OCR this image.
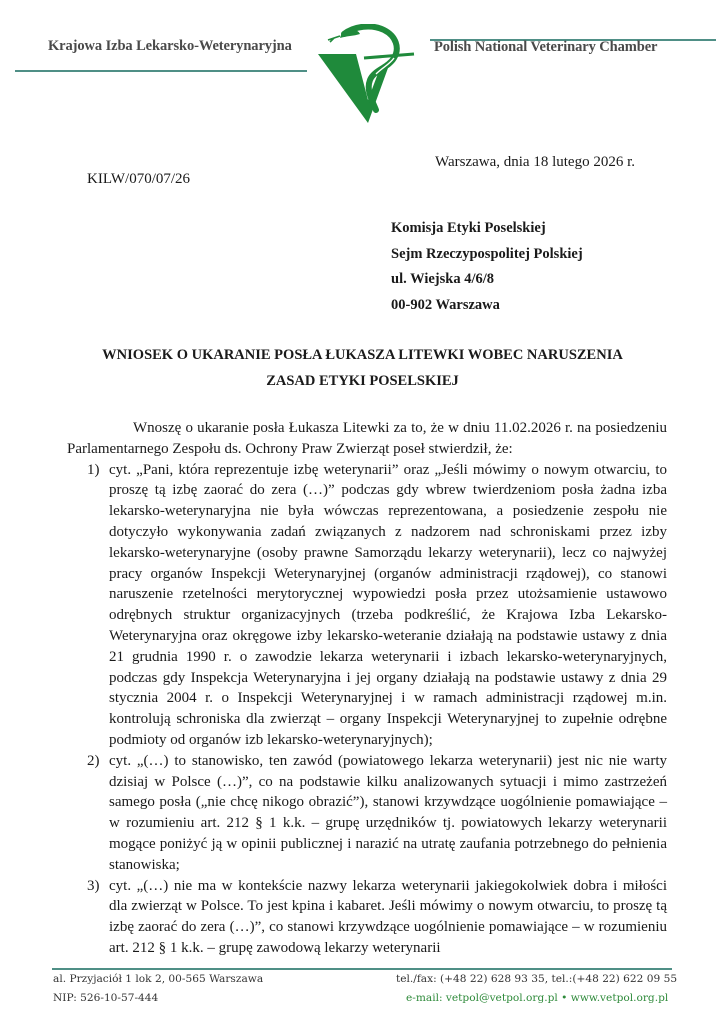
Krajowa Izba Lekarsko-Weterynaryjna	Polish National Veterinary Chamber
Warszawa, dnia 18 lutego 2026 r.
KILW/070/07/26
Komisja Etyki Poselskiej
Sejm Rzeczypospolitej Polskiej
ul. Wiejska 4/6/8
00-902 Warszawa
WNIOSEK O UKARANIE POSŁA ŁUKASZA LITEWKI WOBEC NARUSZENIA
ZASAD ETYKI POSELSKIEJ

Wnoszę o ukaranie posła Łukasza Litewki za to, że w dniu 11.02.2026 r. na posiedzeniu Parlamentarnego Zespołu ds. Ochrony Praw Zwierząt poseł stwierdził, że:

1) cyt. „Pani, która reprezentuje izbę weterynarii” oraz „Jeśli mówimy o nowym otwarciu, to proszę tą izbę zaorać do zera (…)” podczas gdy wbrew twierdzeniom posła żadna izba lekarsko-weterynaryjna nie była wówczas reprezentowana, a posiedzenie zespołu nie dotyczyło wykonywania zadań związanych z nadzorem nad schroniskami przez izby lekarsko-weterynaryjne (osoby prawne Samorządu lekarzy weterynarii), lecz co najwyżej pracy organów Inspekcji Weterynaryjnej (organów administracji rządowej), co stanowi naruszenie rzetelności merytorycznej wypowiedzi posła przez utożsamienie ustawowo odrębnych struktur organizacyjnych (trzeba podkreślić, że Krajowa Izba Lekarsko-Weterynaryjna oraz okręgowe izby lekarsko-weteranie działają na podstawie ustawy z dnia 21 grudnia 1990 r. o zawodzie lekarza weterynarii i izbach lekarsko-weterynaryjnych, podczas gdy Inspekcja Weterynaryjna i jej organy działają na podstawie ustawy z dnia 29 stycznia 2004 r. o Inspekcji Weterynaryjnej i w ramach administracji rządowej m.in. kontrolują schroniska dla zwierząt – organy Inspekcji Weterynaryjnej to zupełnie odrębne podmioty od organów izb lekarsko-weterynaryjnych);
2) cyt. „(…) to stanowisko, ten zawód (powiatowego lekarza weterynarii) jest nic nie warty dzisiaj w Polsce (…)”, co na podstawie kilku analizowanych sytuacji i mimo zastrzeżeń samego posła („nie chcę nikogo obrazić”), stanowi krzywdzące uogólnienie pomawiające – w rozumieniu art. 212 § 1 k.k. – grupę urzędników tj. powiatowych lekarzy weterynarii mogące poniżyć ją w opinii publicznej i narazić na utratę zaufania potrzebnego do pełnienia stanowiska;
3) cyt. „(…) nie ma w kontekście nazwy lekarza weterynarii jakiegokolwiek dobra i miłości dla zwierząt w Polsce. To jest kpina i kabaret. Jeśli mówimy o nowym otwarciu, to proszę tą izbę zaorać do zera (…)”, co stanowi krzywdzące uogólnienie pomawiające – w rozumieniu art. 212 § 1 k.k. – grupę zawodową lekarzy weterynarii
al. Przyjaciół 1 lok 2, 00-565 Warszawa
NIP: 526-10-57-444
tel./fax: (+48 22) 628 93 35, tel.:(+48 22) 622 09 55
e-mail: vetpol@vetpol.org.pl • www.vetpol.org.pl
